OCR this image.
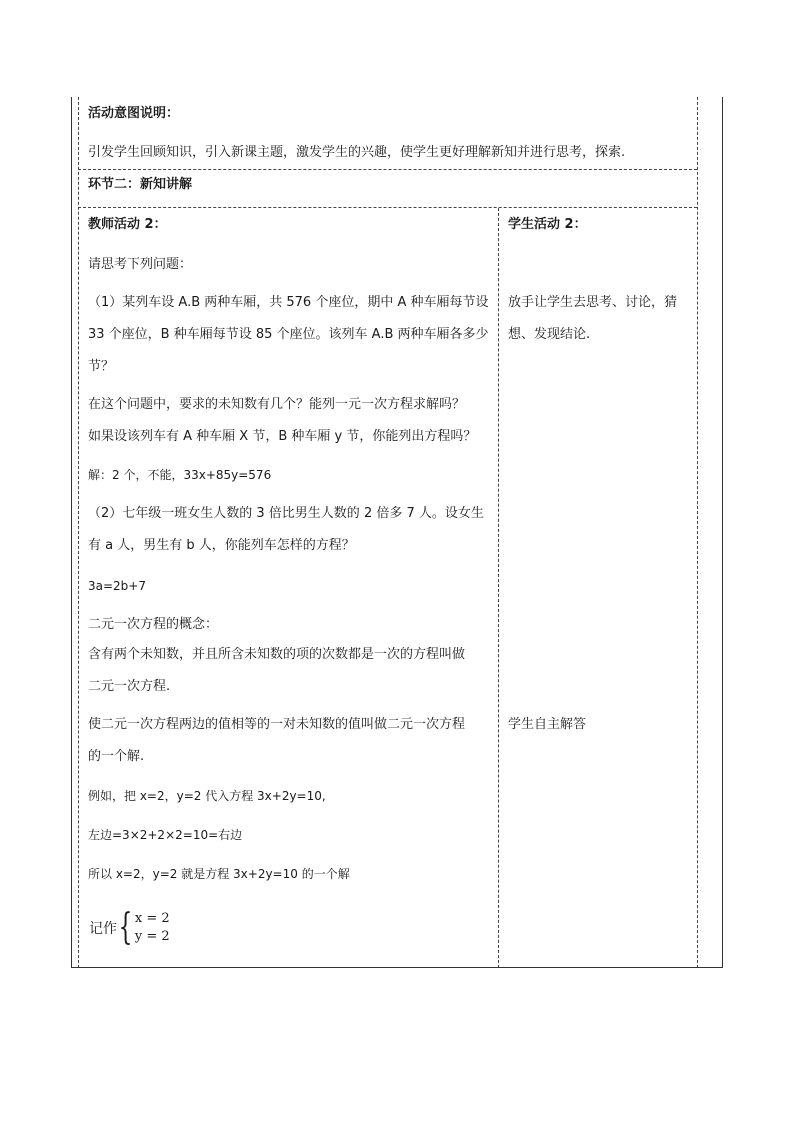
活动意图说明：
引发学生回顾知识，引入新课主题，激发学生的兴趣，使学生更好理解新知并进行思考，探索.
环节二：新知讲解
教师活动 2：
请思考下列问题：
（1）某列车设 A.B 两种车厢，共 576 个座位，期中 A 种车厢每节设
33 个座位，B 种车厢每节设 85 个座位。该列车 A.B 两种车厢各多少
节？
在这个问题中，要求的未知数有几个？能列一元一次方程求解吗？
如果设该列车有 A 种车厢 X 节，B 种车厢 y 节，你能列出方程吗？
解：2 个，不能，33x+85y=576
（2）七年级一班女生人数的 3 倍比男生人数的 2 倍多 7 人。设女生
有 a 人，男生有 b 人，你能列车怎样的方程？
3a=2b+7
二元一次方程的概念：
含有两个未知数，并且所含未知数的项的次数都是一次的方程叫做
二元一次方程.
使二元一次方程两边的值相等的一对未知数的值叫做二元一次方程
的一个解.
例如，把 x=2，y=2 代入方程 3x+2y=10,
左边=3×2+2×2=10=右边
所以 x=2，y=2 就是方程 3x+2y=10 的一个解
记作 { x = 2
y = 2
学生活动 2：
放手让学生去思考、讨论，猜
想、发现结论.
学生自主解答
